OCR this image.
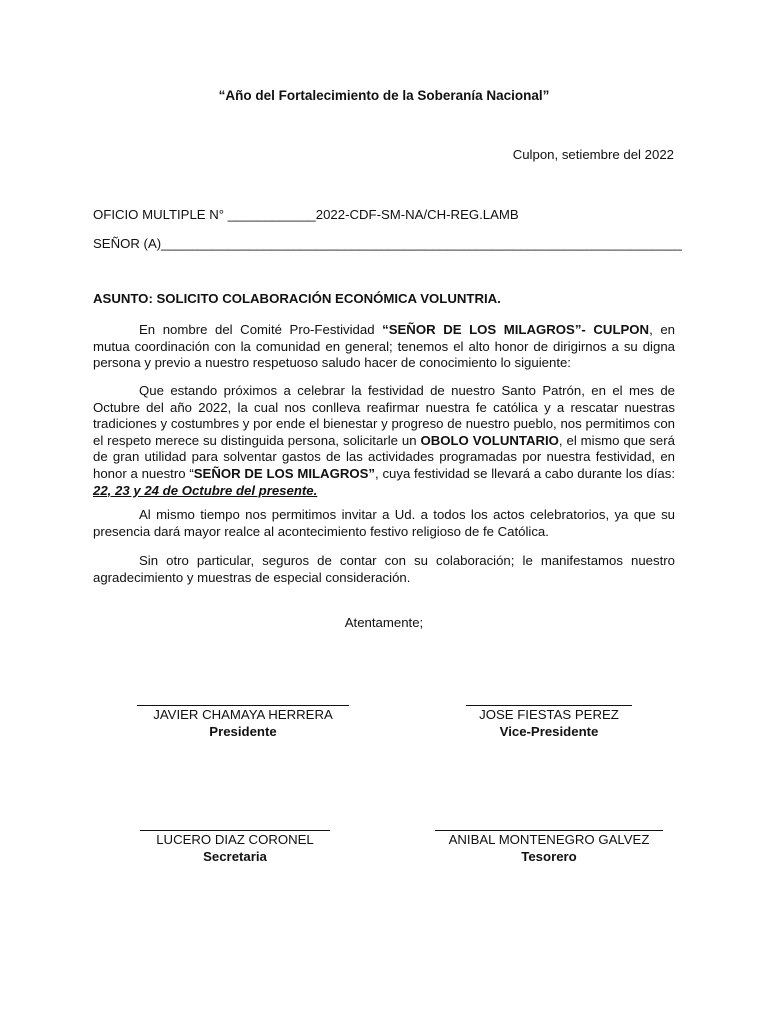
“Año del Fortalecimiento de la Soberanía Nacional”
Culpon, setiembre del 2022
OFICIO MULTIPLE N° ____________2022-CDF-SM-NA/CH-REG.LAMB
SEÑOR (A)_______________________________________________________________________
ASUNTO: SOLICITO COLABORACIÓN ECONÓMICA VOLUNTRIA.
En nombre del Comité Pro-Festividad “SEÑOR DE LOS MILAGROS”- CULPON, en mutua coordinación con la comunidad en general; tenemos el alto honor de dirigirnos a su digna persona y previo a nuestro respetuoso saludo hacer de conocimiento lo siguiente:
Que estando próximos a celebrar la festividad de nuestro Santo Patrón, en el mes de Octubre del año 2022, la cual nos conlleva reafirmar nuestra fe católica y a rescatar nuestras tradiciones y costumbres y por ende el bienestar y progreso de nuestro pueblo, nos permitimos con el respeto merece su distinguida persona, solicitarle un OBOLO VOLUNTARIO, el mismo que será de gran utilidad para solventar gastos de las actividades programadas por nuestra festividad, en honor a nuestro “SEÑOR DE LOS MILAGROS”, cuya festividad se llevará a cabo durante los días: 22, 23 y 24 de Octubre del presente.
Al mismo tiempo nos permitimos invitar a Ud. a todos los actos celebratorios, ya que su presencia dará mayor realce al acontecimiento festivo religioso de fe Católica.
Sin otro particular, seguros de contar con su colaboración; le manifestamos nuestro agradecimiento y muestras de especial consideración.
Atentamente;
JAVIER CHAMAYA HERRERA
Presidente
JOSE FIESTAS PEREZ
Vice-Presidente
LUCERO DIAZ CORONEL
Secretaria
ANIBAL MONTENEGRO GALVEZ
Tesorero
